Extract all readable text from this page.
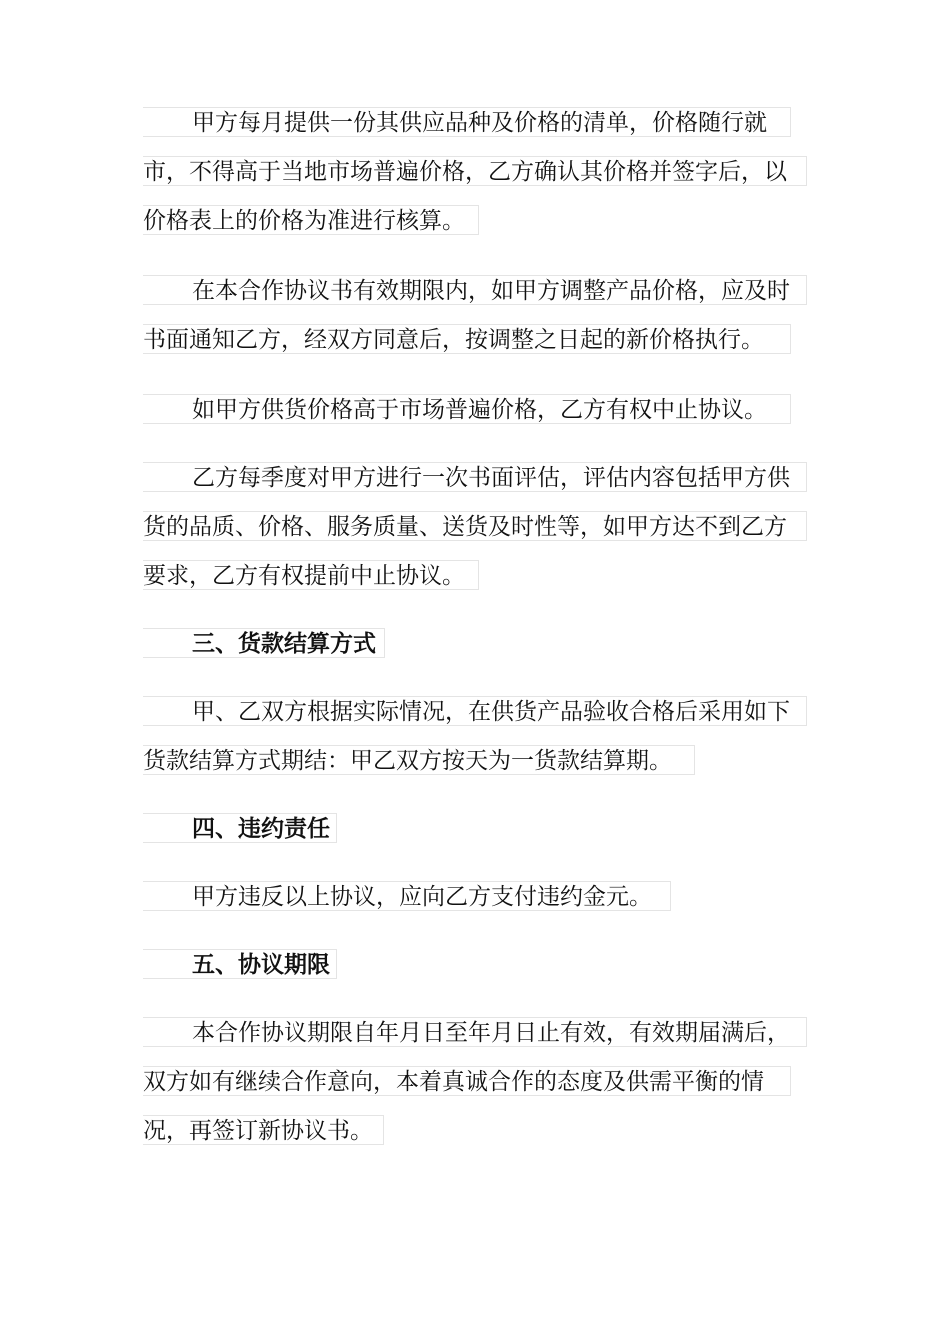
甲方每月提供一份其供应品种及价格的清单，价格随行就
市，不得高于当地市场普遍价格，乙方确认其价格并签字后，以
价格表上的价格为准进行核算。
在本合作协议书有效期限内，如甲方调整产品价格，应及时
书面通知乙方，经双方同意后，按调整之日起的新价格执行。
如甲方供货价格高于市场普遍价格，乙方有权中止协议。
乙方每季度对甲方进行一次书面评估，评估内容包括甲方供
货的品质、价格、服务质量、送货及时性等，如甲方达不到乙方
要求，乙方有权提前中止协议。
三、货款结算方式
甲、乙双方根据实际情况，在供货产品验收合格后采用如下
货款结算方式期结：甲乙双方按天为一货款结算期。
四、违约责任
甲方违反以上协议，应向乙方支付违约金元。
五、协议期限
本合作协议期限自年月日至年月日止有效，有效期届满后，
双方如有继续合作意向，本着真诚合作的态度及供需平衡的情
况，再签订新协议书。
